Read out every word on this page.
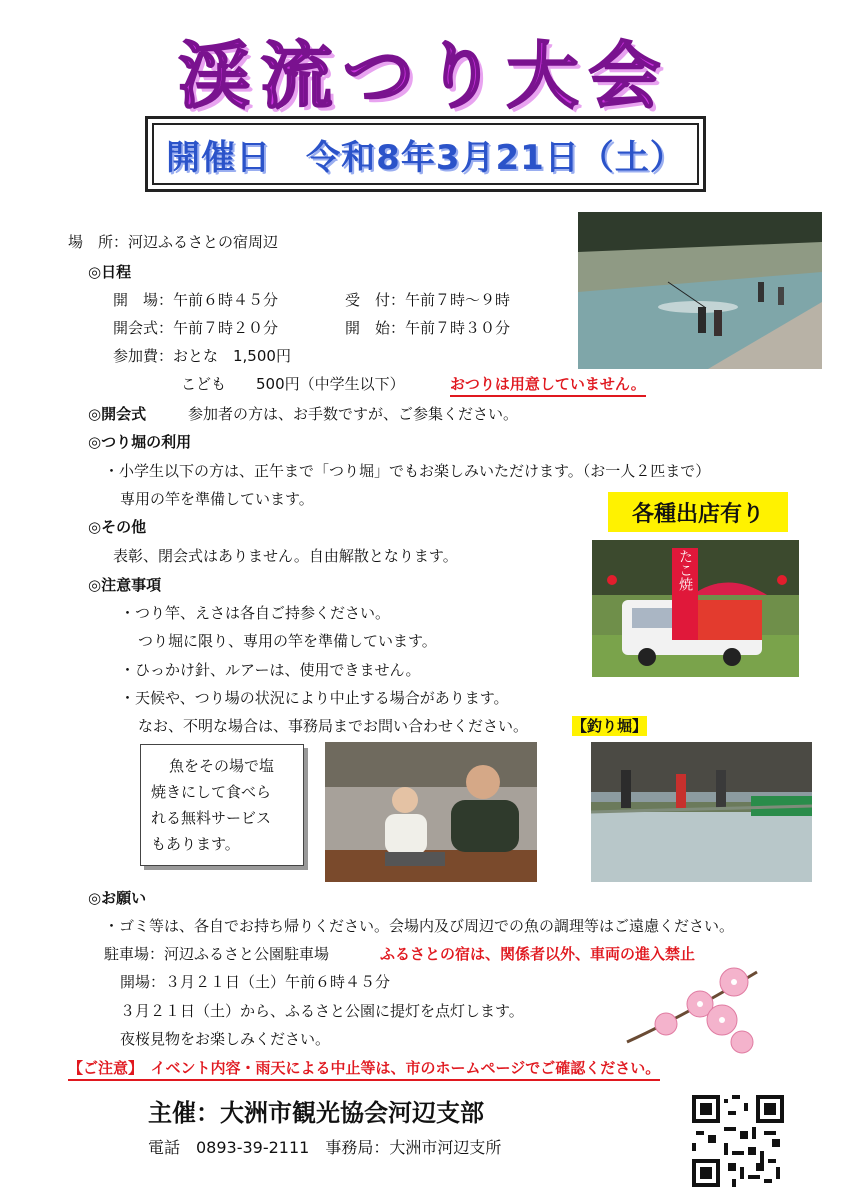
渓流つり大会
開催日　令和8年3月21日（土）
場　所：河辺ふるさとの宿周辺
◎日程
開　場：午前６時４５分	受　付：午前７時～９時
開会式：午前７時２０分	開　始：午前７時３０分
参加費：おとな　1,500円
こども　　500円（中学生以下）	おつりは用意していません。
◎開会式	参加者の方は、お手数ですが、ご参集ください。
◎つり堀の利用
・小学生以下の方は、正午まで「つり堀」でもお楽しみいただけます。（お一人２匹まで）
専用の竿を準備しています。
各種出店有り
◎その他
表彰、閉会式はありません。自由解散となります。	たこ焼
◎注意事項
・つり竿、えさは各自ご持参ください。
つり堀に限り、専用の竿を準備しています。
・ひっかけ針、ルアーは、使用できません。
・天候や、つり場の状況により中止する場合があります。
なお、不明な場合は、事務局までお問い合わせください。	【釣り堀】
魚をその場で塩
焼きにして食べら
れる無料サービス
もあります。
◎お願い
・ゴミ等は、各自でお持ち帰りください。会場内及び周辺での魚の調理等はご遠慮ください。
駐車場：河辺ふるさと公園駐車場	ふるさとの宿は、関係者以外、車両の進入禁止
開場：３月２１日（土）午前６時４５分
３月２１日（土）から、ふるさと公園に提灯を点灯します。
夜桜見物をお楽しみください。
【ご注意】　イベント内容・雨天による中止等は、市のホームページでご確認ください。
主催：大洲市観光協会河辺支部
電話　0893-39-2111　事務局：大洲市河辺支所
